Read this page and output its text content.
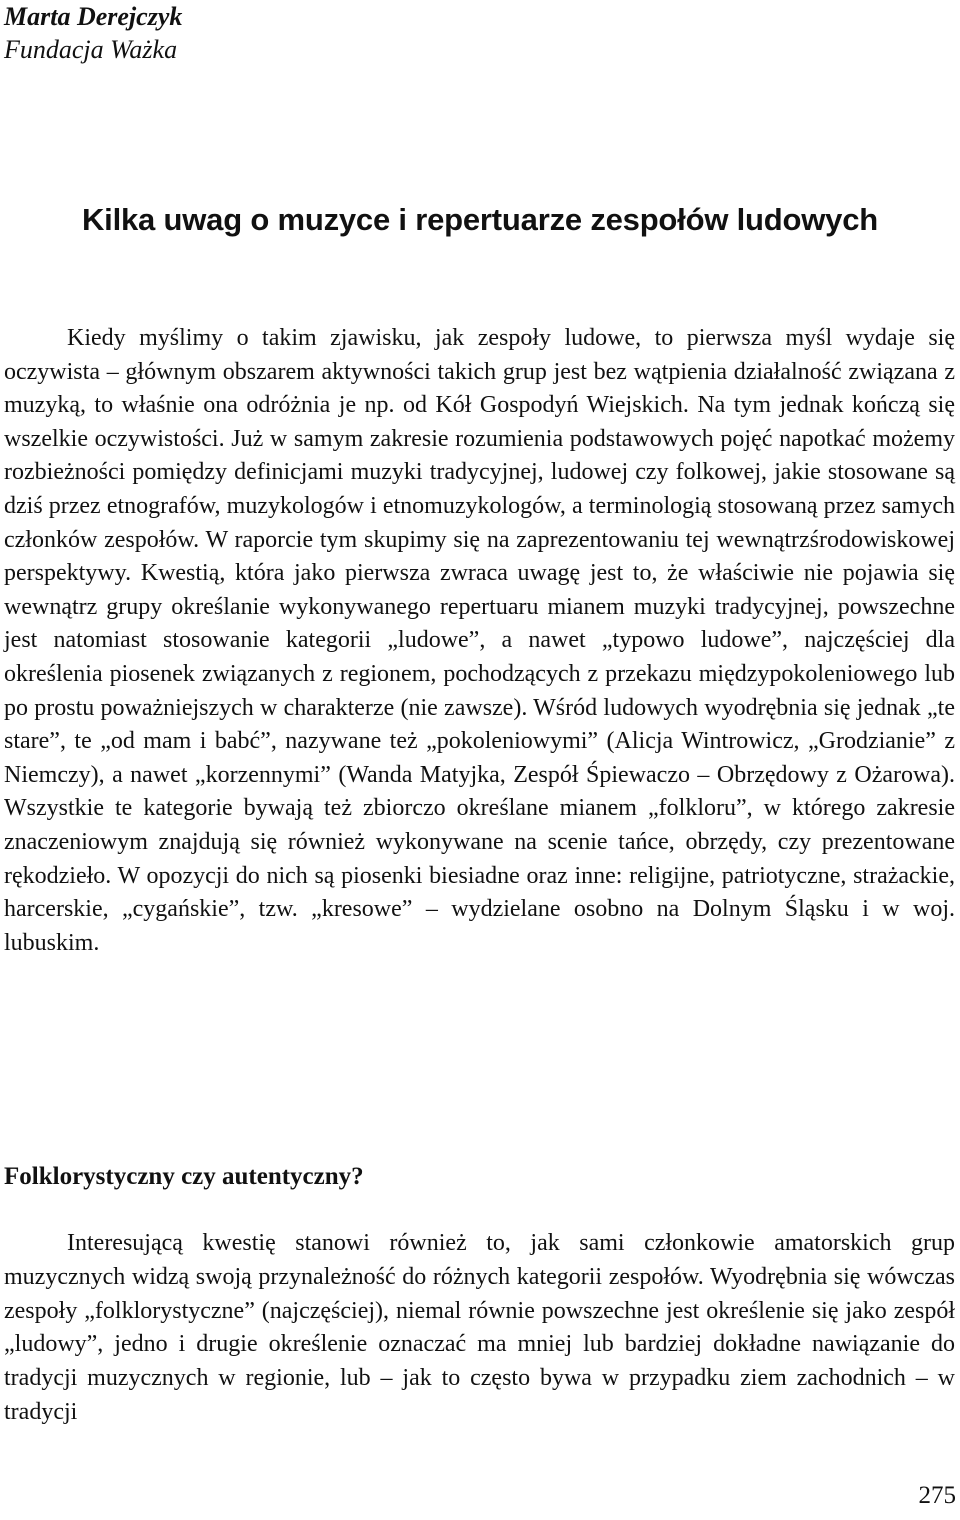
Marta Derejczyk
Fundacja Ważka
Kilka uwag o muzyce i repertuarze zespołów ludowych
Kiedy myślimy o takim zjawisku, jak zespoły ludowe, to pierwsza myśl wydaje się oczywista – głównym obszarem aktywności takich grup jest bez wątpienia działalność związana z muzyką, to właśnie ona odróżnia je np. od Kół Gospodyń Wiejskich. Na tym jednak kończą się wszelkie oczywistości. Już w samym zakresie rozumienia podstawowych pojęć napotkać możemy rozbieżności pomiędzy definicjami muzyki tradycyjnej, ludowej czy folkowej, jakie stosowane są dziś przez etnografów, muzykologów i etnomuzykologów, a terminologią stosowaną przez samych członków zespołów. W raporcie tym skupimy się na zaprezentowaniu tej wewnątrzśrodowiskowej perspektywy. Kwestią, która jako pierwsza zwraca uwagę jest to, że właściwie nie pojawia się wewnątrz grupy określanie wykonywanego repertuaru mianem muzyki tradycyjnej, powszechne jest natomiast stosowanie kategorii „ludowe”, a nawet „typowo ludowe”, najczęściej dla określenia piosenek związanych z regionem, pochodzących z przekazu międzypokoleniowego lub po prostu poważniejszych w charakterze (nie zawsze). Wśród ludowych wyodrębnia się jednak „te stare”, te „od mam i babć”, nazywane też „pokoleniowymi” (Alicja Wintrowicz, „Grodzianie” z Niemczy), a nawet „korzennymi” (Wanda Matyjka, Zespół Śpiewaczo – Obrzędowy z Ożarowa). Wszystkie te kategorie bywają też zbiorczo określane mianem „folkloru”, w którego zakresie znaczeniowym znajdują się również wykonywane na scenie tańce, obrzędy, czy prezentowane rękodzieło. W opozycji do nich są piosenki biesiadne oraz inne: religijne, patriotyczne, strażackie, harcerskie, „cygańskie”, tzw. „kresowe” – wydzielane osobno na Dolnym Śląsku i w woj. lubuskim.
Folklorystyczny czy autentyczny?
Interesującą kwestię stanowi również to, jak sami członkowie amatorskich grup muzycznych widzą swoją przynależność do różnych kategorii zespołów. Wyodrębnia się wówczas zespoły „folklorystyczne” (najczęściej), niemal równie powszechne jest określenie się jako zespół „ludowy”, jedno i drugie określenie oznaczać ma mniej lub bardziej dokładne nawiązanie do tradycji muzycznych w regionie, lub – jak to często bywa w przypadku ziem zachodnich – w tradycji
275
